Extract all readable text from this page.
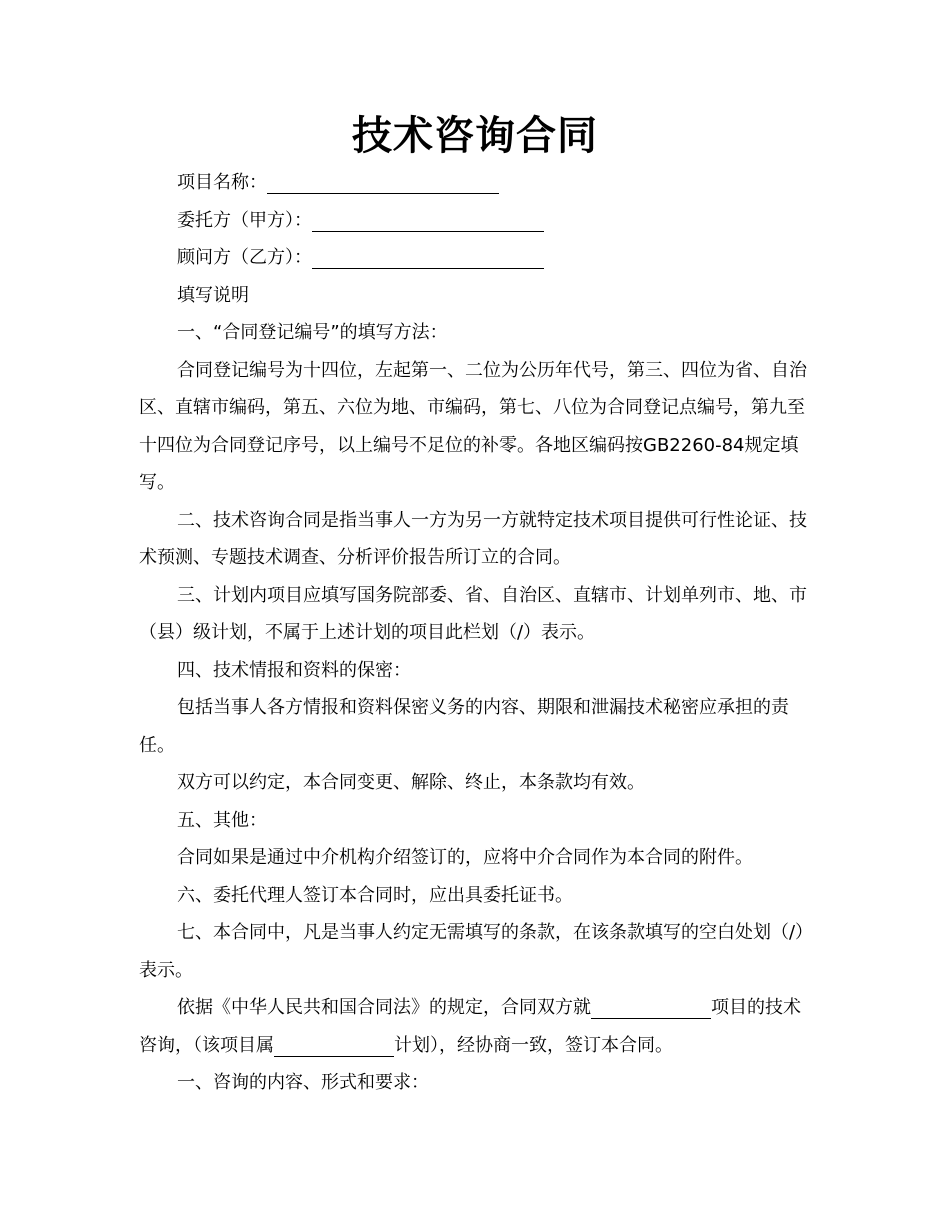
技术咨询合同

项目名称：

委托方（甲方）：

顾问方（乙方）：

填写说明

一、“合同登记编号”的填写方法：

合同登记编号为十四位，左起第一、二位为公历年代号，第三、四位为省、自治区、直辖市编码，第五、六位为地、市编码，第七、八位为合同登记点编号，第九至十四位为合同登记序号，以上编号不足位的补零。各地区编码按GB2260-84规定填写。

二、技术咨询合同是指当事人一方为另一方就特定技术项目提供可行性论证、技术预测、专题技术调查、分析评价报告所订立的合同。

三、计划内项目应填写国务院部委、省、自治区、直辖市、计划单列市、地、市（县）级计划，不属于上述计划的项目此栏划（/）表示。

四、技术情报和资料的保密：

包括当事人各方情报和资料保密义务的内容、期限和泄漏技术秘密应承担的责任。

双方可以约定，本合同变更、解除、终止，本条款均有效。

五、其他：

合同如果是通过中介机构介绍签订的，应将中介合同作为本合同的附件。

六、委托代理人签订本合同时，应出具委托证书。

七、本合同中，凡是当事人约定无需填写的条款，在该条款填写的空白处划（/）表示。

依据《中华人民共和国合同法》的规定，合同双方就	项目的技术咨询，（该项目属	计划），经协商一致，签订本合同。

一、咨询的内容、形式和要求：
